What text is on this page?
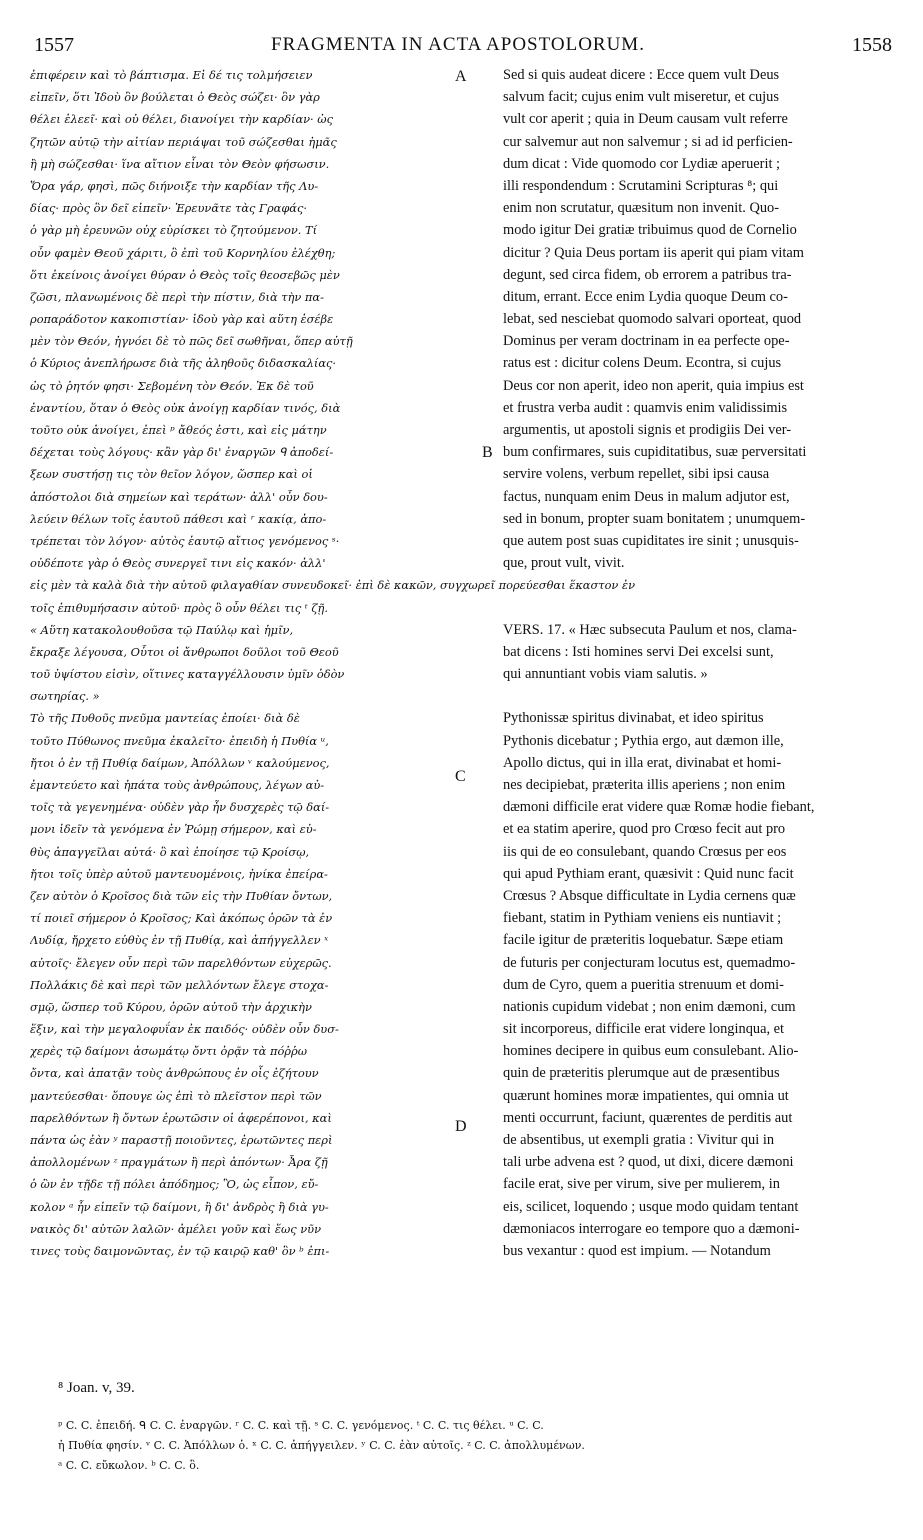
1557	FRAGMENTA IN ACTA APOSTOLORUM.	1558
ἐπιφέρειν καὶ τὸ βάπτισμα. Εἰ δέ τις τολμήσειεν
εἰπεῖν, ὅτι Ἰδοὺ ὃν βούλεται ὁ Θεὸς σώζει· ὃν γὰρ
θέλει ἐλεεῖ· καὶ οὐ θέλει, διανοίγει τὴν καρδίαν· ὡς
ζητῶν αὐτῷ τὴν αἰτίαν περιάψαι τοῦ σώζεσθαι ἡμᾶς
ἢ μὴ σώζεσθαι· ἵνα αἴτιον εἶναι τὸν Θεὸν φήσωσιν.
Ὅρα γάρ, φησὶ, πῶς διήνοιξε τὴν καρδίαν τῆς Λυ-
δίας· πρὸς ὃν δεῖ εἰπεῖν· Ἐρευνᾶτε τὰς Γραφάς·
ὁ γὰρ μὴ ἐρευνῶν οὐχ εὑρίσκει τὸ ζητούμενον. Τί
οὖν φαμὲν Θεοῦ χάριτι, ὃ ἐπὶ τοῦ Κορνηλίου ἐλέχθη;
ὅτι ἐκείνοις ἀνοίγει θύραν ὁ Θεὸς τοῖς θεοσεβῶς μὲν
ζῶσι, πλανωμένοις δὲ περὶ τὴν πίστιν, διὰ τὴν πα-
ροπαράδοτον κακοπιστίαν· ἰδοὺ γὰρ καὶ αὕτη ἐσέβε
μὲν τὸν Θεόν, ἠγνόει δὲ τὸ πῶς δεῖ σωθῆναι, ὅπερ αὐτῇ
ὁ Κύριος ἀνεπλήρωσε διὰ τῆς ἀληθοῦς διδασκαλίας·
ὡς τὸ ῥητόν φησι· Σεβομένη τὸν Θεόν. Ἐκ δὲ τοῦ
ἐναντίου, ὅταν ὁ Θεὸς οὐκ ἀνοίγῃ καρδίαν τινός, διὰ
τοῦτο οὐκ ἀνοίγει, ἐπεὶ ᵖ ἄθεός ἐστι, καὶ εἰς μάτην
δέχεται τοὺς λόγους· κἂν γὰρ δι' ἐναργῶν ᑫ ἀποδεί-
ξεων συστήσῃ τις τὸν θεῖον λόγον, ὥσπερ καὶ οἱ
ἀπόστολοι διὰ σημείων καὶ τεράτων· ἀλλ' οὖν δου-
λεύειν θέλων τοῖς ἑαυτοῦ πάθεσι καὶ ʳ κακίᾳ, ἀπο-
τρέπεται τὸν λόγον· αὐτὸς ἑαυτῷ αἴτιος γενόμενος ˢ·
οὐδέποτε γὰρ ὁ Θεὸς συνεργεῖ τινι εἰς κακόν· ἀλλ'
εἰς μὲν τὰ καλὰ διὰ τὴν αὐτοῦ φιλαγαθίαν συνευδοκεῖ· ἐπὶ δὲ κακῶν, συγχωρεῖ πορεύεσθαι ἕκαστον ἐν
τοῖς ἐπιθυμήσασιν αὐτοῦ· πρὸς ὃ οὖν θέλει τις ᵗ ζῇ.
« Αὕτη κατακολουθοῦσα τῷ Παύλῳ καὶ ἡμῖν,
ἔκραξε λέγουσα, Οὗτοι οἱ ἄνθρωποι δοῦλοι τοῦ Θεοῦ
τοῦ ὑψίστου εἰσὶν, οἵτινες καταγγέλλουσιν ὑμῖν ὁδὸν
σωτηρίας. »
Τὸ τῆς Πυθοῦς πνεῦμα μαντείας ἐποίει· διὰ δὲ
τοῦτο Πύθωνος πνεῦμα ἐκαλεῖτο· ἐπειδὴ ἡ Πυθία ᵘ,
ἤτοι ὁ ἐν τῇ Πυθίᾳ δαίμων, Ἀπόλλων ᵛ καλούμενος,
ἐμαντεύετο καὶ ἠπάτα τοὺς ἀνθρώπους, λέγων αὐ-
τοῖς τὰ γεγενημένα· οὐδὲν γὰρ ἦν δυσχερὲς τῷ δαί-
μονι ἰδεῖν τὰ γενόμενα ἐν Ῥώμῃ σήμερον, καὶ εὐ-
θὺς ἀπαγγεῖλαι αὐτά· ὃ καὶ ἐποίησε τῷ Κροίσῳ,
ἤτοι τοῖς ὑπὲρ αὐτοῦ μαντευομένοις, ἡνίκα ἐπείρα-
ζεν αὐτὸν ὁ Κροῖσος διὰ τῶν εἰς τὴν Πυθίαν ὄντων,
τί ποιεῖ σήμερον ὁ Κροῖσος; Καὶ ἀκόπως ὁρῶν τὰ ἐν
Λυδίᾳ, ἤρχετο εὐθὺς ἐν τῇ Πυθίᾳ, καὶ ἀπήγγελλεν ˣ
αὐτοῖς· ἔλεγεν οὖν περὶ τῶν παρελθόντων εὐχερῶς.
Πολλάκις δὲ καὶ περὶ τῶν μελλόντων ἔλεγε στοχα-
σμῷ, ὥσπερ τοῦ Κύρου, ὁρῶν αὐτοῦ τὴν ἀρχικὴν
ἕξιν, καὶ τὴν μεγαλοφυΐαν ἐκ παιδός· οὐδὲν οὖν δυσ-
χερὲς τῷ δαίμονι ἀσωμάτῳ ὄντι ὁρᾷν τὰ πόῤῥω
ὄντα, καὶ ἀπατᾷν τοὺς ἀνθρώπους ἐν οἷς ἐζήτουν
μαντεύεσθαι· ὅπουγε ὡς ἐπὶ τὸ πλεῖστον περὶ τῶν
παρελθόντων ἢ ὄντων ἐρωτῶσιν οἱ ἀφερέπονοι, καὶ
πάντα ὡς ἐὰν ʸ παραστῇ ποιοῦντες, ἐρωτῶντες περὶ
ἀπολλομένων ᶻ πραγμάτων ἢ περὶ ἀπόντων· Ἆρα ζῇ
ὁ ὢν ἐν τῇδε τῇ πόλει ἀπόδημος; Ὃ, ὡς εἶπον, εὔ-
κολον ᵃ ἦν εἰπεῖν τῷ δαίμονι, ἢ δι' ἀνδρὸς ἢ διὰ γυ-
ναικὸς δι' αὐτῶν λαλῶν· ἀμέλει γοῦν καὶ ἕως νῦν
τινες τοὺς δαιμονῶντας, ἐν τῷ καιρῷ καθ' ὃν ᵇ ἐπι-
Sed si quis audeat dicere : Ecce quem vult Deus
salvum facit; cujus enim vult miseretur, et cujus
vult cor aperit ; quia in Deum causam vult referre
cur salvemur aut non salvemur ; si ad id perficien-
dum dicat : Vide quomodo cor Lydiæ aperuerit ;
illi respondendum : Scrutamini Scripturas ⁸; qui
enim non scrutatur, quæsitum non invenit. Quo-
modo igitur Dei gratiæ tribuimus quod de Cornelio
dicitur ? Quia Deus portam iis aperit qui piam vitam
degunt, sed circa fidem, ob errorem a patribus tra-
ditum, errant. Ecce enim Lydia quoque Deum co-
lebat, sed nesciebat quomodo salvari oporteat, quod
Dominus per veram doctrinam in ea perfecte ope-
ratus est : dicitur colens Deum. Econtra, si cujus
Deus cor non aperit, ideo non aperit, quia impius est
et frustra verba audit : quamvis enim validissimis
argumentis, ut apostoli signis et prodigiis Dei ver-
bum confirmares, suis cupiditatibus, suæ perversitati
servire volens, verbum repellet, sibi ipsi causa
factus, nunquam enim Deus in malum adjutor est,
sed in bonum, propter suam bonitatem ; unumquem-
que autem post suas cupiditates ire sinit ; unusquis-
que, prout vult, vivit.
VERS. 17. « Hæc subsecuta Paulum et nos, clama-
bat dicens : Isti homines servi Dei excelsi sunt,
qui annuntiant vobis viam salutis. »
Pythonissæ spiritus divinabat, et ideo spiritus
Pythonis dicebatur ; Pythia ergo, aut dæmon ille,
Apollo dictus, qui in illa erat, divinabat et homi-
nes decipiebat, præterita illis aperiens ; non enim
dæmoni difficile erat videre quæ Romæ hodie fiebant,
et ea statim aperire, quod pro Crœso fecit aut pro
iis qui de eo consulebant, quando Crœsus per eos
qui apud Pythiam erant, quæsivit : Quid nunc facit
Crœsus ? Absque difficultate in Lydia cernens quæ
fiebant, statim in Pythiam veniens eis nuntiavit ;
facile igitur de præteritis loquebatur. Sæpe etiam
de futuris per conjecturam locutus est, quemadmo-
dum de Cyro, quem a pueritia strenuum et domi-
nationis cupidum videbat ; non enim dæmoni, cum
sit incorporeus, difficile erat videre longinqua, et
homines decipere in quibus eum consulebant. Alio-
quin de præteritis plerumque aut de præsentibus
quærunt homines moræ impatientes, qui omnia ut
menti occurrunt, faciunt, quærentes de perditis aut
de absentibus, ut exempli gratia : Vivitur qui in
tali urbe advena est ? quod, ut dixi, dicere dæmoni
facile erat, sive per virum, sive per mulierem, in
eis, scilicet, loquendo ; usque modo quidam tentant
dæmoniacos interrogare eo tempore quo a dæmoni-
bus vexantur : quod est impium. — Notandum
A
B
C
D
⁸ Joan. v, 39.
ᵖ C. C. ἐπειδή. ᑫ C. C. ἐναργῶν. ʳ C. C. καὶ τῇ. ˢ C. C. γενόμενος. ᵗ C. C. τις θέλει. ᵘ C. C.
ἡ Πυθία φησίν. ᵛ C. C. Ἀπόλλων ὁ. ˣ C. C. ἀπήγγειλεν. ʸ C. C. ἐὰν αὐτοῖς. ᶻ C. C. ἀπολλυμένων.
ᵃ C. C. εὔκωλον. ᵇ C. C. ὃ.
